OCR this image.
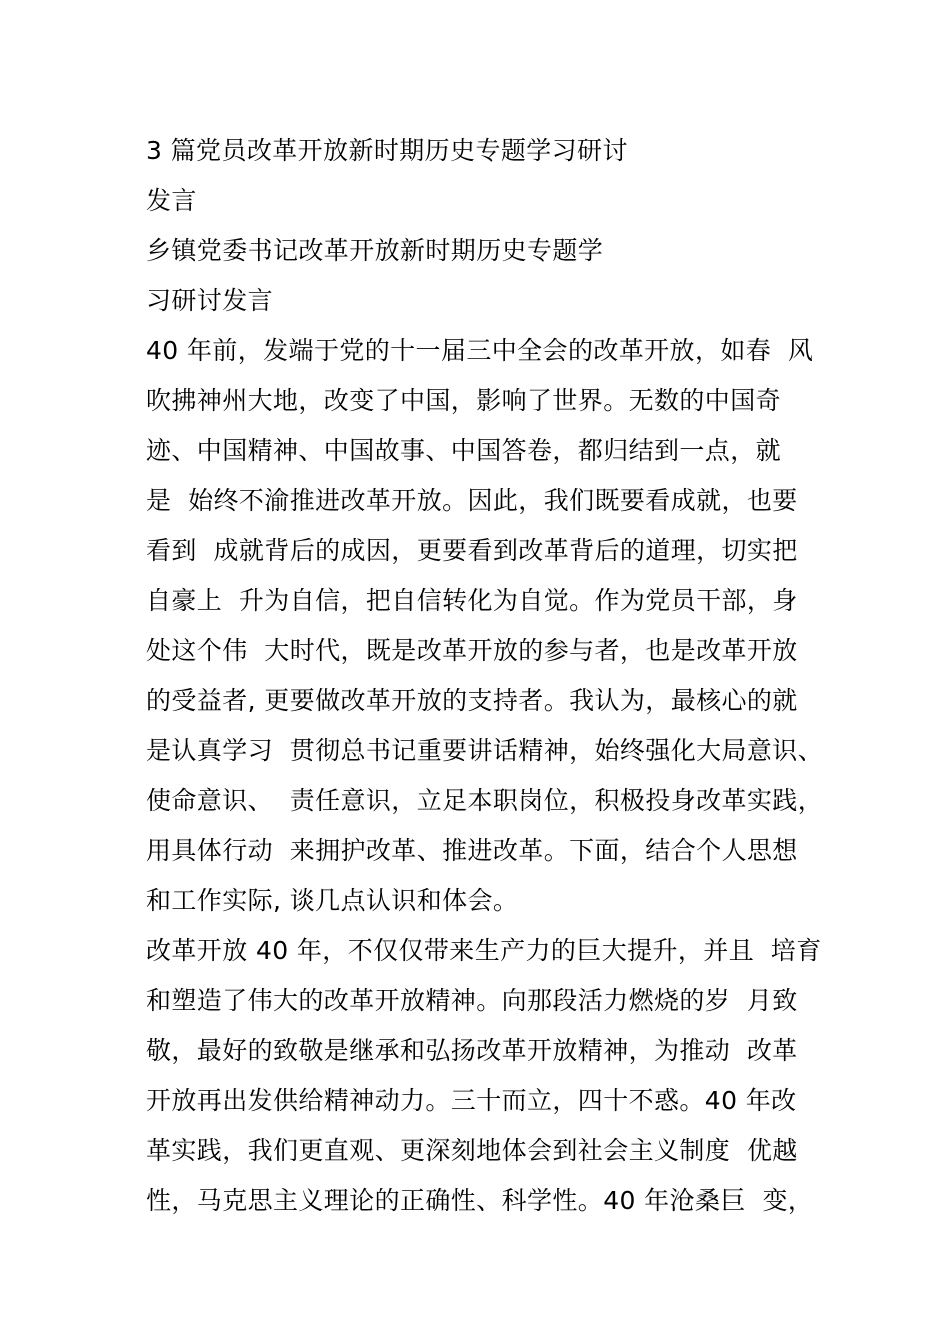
3 篇党员改革开放新时期历史专题学习研讨
发言
乡镇党委书记改革开放新时期历史专题学
习研讨发言
40 年前，发端于党的十一届三中全会的改革开放，如春  风
吹拂神州大地，改变了中国，影响了世界。无数的中国奇
迹、中国精神、中国故事、中国答卷，都归结到一点，就
是  始终不渝推进改革开放。因此，我们既要看成就，也要
看到  成就背后的成因，更要看到改革背后的道理，切实把
自豪上  升为自信，把自信转化为自觉。作为党员干部，身
处这个伟  大时代，既是改革开放的参与者，也是改革开放
的受益者, 更要做改革开放的支持者。我认为，最核心的就
是认真学习  贯彻总书记重要讲话精神，始终强化大局意识、
使命意识、  责任意识，立足本职岗位，积极投身改革实践，
用具体行动  来拥护改革、推进改革。下面，结合个人思想
和工作实际, 谈几点认识和体会。
改革开放 40 年，不仅仅带来生产力的巨大提升，并且  培育
和塑造了伟大的改革开放精神。向那段活力燃烧的岁  月致
敬，最好的致敬是继承和弘扬改革开放精神，为推动  改革
开放再出发供给精神动力。三十而立，四十不惑。40 年改
革实践，我们更直观、更深刻地体会到社会主义制度  优越
性，马克思主义理论的正确性、科学性。40 年沧桑巨  变，
